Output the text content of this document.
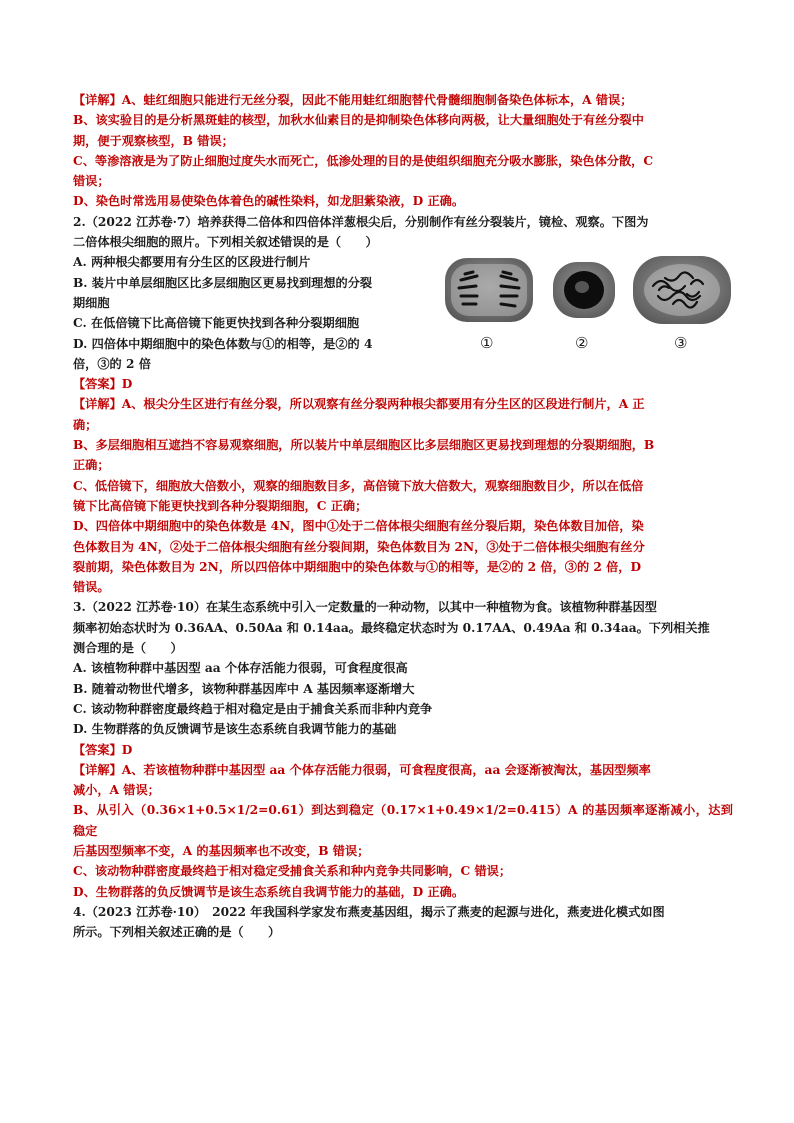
【详解】A、蛙红细胞只能进行无丝分裂，因此不能用蛙红细胞替代骨髓细胞制备染色体标本，A 错误；

B、该实验目的是分析黑斑蛙的核型，加秋水仙素目的是抑制染色体移向两极，让大量细胞处于有丝分裂中

期，便于观察核型，B 错误；

C、等渗溶液是为了防止细胞过度失水而死亡，低渗处理的目的是使组织细胞充分吸水膨胀，染色体分散，C

错误；

D、染色时常选用易使染色体着色的碱性染料，如龙胆紫染液，D 正确。

2.（2022 江苏卷·7）培养获得二倍体和四倍体洋葱根尖后，分别制作有丝分裂装片，镜检、观察。下图为

二倍体根尖细胞的照片。下列相关叙述错误的是（　　）

A. 两种根尖都要用有分生区的区段进行制片

B. 装片中单层细胞区比多层细胞区更易找到理想的分裂

期细胞

C. 在低倍镜下比高倍镜下能更快找到各种分裂期细胞

D. 四倍体中期细胞中的染色体数与①的相等，是②的 4

倍，③的 2 倍

①	②	③

【答案】D

【详解】A、根尖分生区进行有丝分裂，所以观察有丝分裂两种根尖都要用有分生区的区段进行制片，A 正

确；

B、多层细胞相互遮挡不容易观察细胞，所以装片中单层细胞区比多层细胞区更易找到理想的分裂期细胞，B

正确；

C、低倍镜下，细胞放大倍数小，观察的细胞数目多，高倍镜下放大倍数大，观察细胞数目少，所以在低倍

镜下比高倍镜下能更快找到各种分裂期细胞，C 正确；

D、四倍体中期细胞中的染色体数是 4N，图中①处于二倍体根尖细胞有丝分裂后期，染色体数目加倍，染

色体数目为 4N，②处于二倍体根尖细胞有丝分裂间期，染色体数目为 2N，③处于二倍体根尖细胞有丝分

裂前期，染色体数目为 2N，所以四倍体中期细胞中的染色体数与①的相等，是②的 2 倍，③的 2 倍，D

错误。

3.（2022 江苏卷·10）在某生态系统中引入一定数量的一种动物，以其中一种植物为食。该植物种群基因型

频率初始态状时为 0.36AA、0.50Aa 和 0.14aa。最终稳定状态时为 0.17AA、0.49Aa 和 0.34aa。下列相关推

测合理的是（　　）

A. 该植物种群中基因型 aa 个体存活能力很弱，可食程度很高

B. 随着动物世代增多，该物种群基因库中 A 基因频率逐渐增大

C. 该动物种群密度最终趋于相对稳定是由于捕食关系而非种内竞争

D. 生物群落的负反馈调节是该生态系统自我调节能力的基础

【答案】D

【详解】A、若该植物种群中基因型 aa 个体存活能力很弱，可食程度很高，aa 会逐渐被淘汰，基因型频率

减小，A 错误；

B、从引入（0.36×1+0.5×1/2=0.61）到达到稳定（0.17×1+0.49×1/2=0.415）A 的基因频率逐渐减小，达到稳定

后基因型频率不变，A 的基因频率也不改变，B 错误；

C、该动物种群密度最终趋于相对稳定受捕食关系和种内竞争共同影响，C 错误；

D、生物群落的负反馈调节是该生态系统自我调节能力的基础，D 正确。

4.（2023 江苏卷·10）　2022 年我国科学家发布燕麦基因组，揭示了燕麦的起源与进化，燕麦进化模式如图

所示。下列相关叙述正确的是（　　）
